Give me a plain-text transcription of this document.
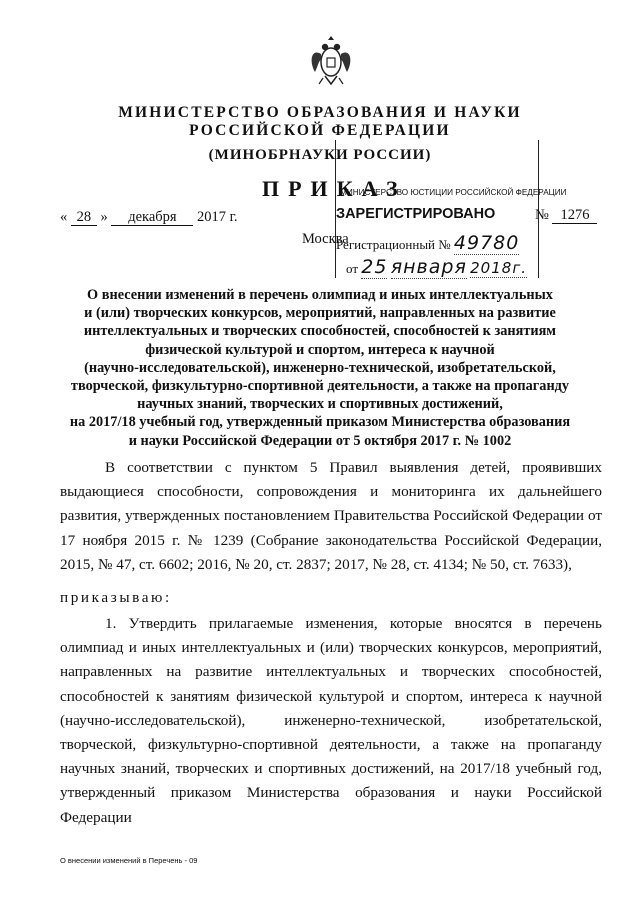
МИНИСТЕРСТВО ОБРАЗОВАНИЯ И НАУКИ
РОССИЙСКОЙ ФЕДЕРАЦИИ
(МИНОБРНАУКИ РОССИИ)
ПРИКАЗ
« 28 » декабря 2017 г.
Москва
МИНИСТЕРСТВО ЮСТИЦИИ РОССИЙСКОЙ ФЕДЕРАЦИИ
ЗАРЕГИСТРИРОВАНО
Регистрационный № 49780
от 25 января 2018г.
№ 1276
О внесении изменений в перечень олимпиад и иных интеллектуальных
и (или) творческих конкурсов, мероприятий, направленных на развитие
интеллектуальных и творческих способностей, способностей к занятиям
физической культурой и спортом, интереса к научной
(научно-исследовательской), инженерно-технической, изобретательской,
творческой, физкультурно-спортивной деятельности, а также на пропаганду
научных знаний, творческих и спортивных достижений,
на 2017/18 учебный год, утвержденный приказом Министерства образования
и науки Российской Федерации от 5 октября 2017 г. № 1002

В соответствии с пунктом 5 Правил выявления детей, проявивших выдающиеся способности, сопровождения и мониторинга их дальнейшего развития, утвержденных постановлением Правительства Российской Федерации от 17 ноября 2015 г. № 1239 (Собрание законодательства Российской Федерации, 2015, № 47, ст. 6602; 2016, № 20, ст. 2837; 2017, № 28, ст. 4134; № 50, ст. 7633),

приказываю:

1. Утвердить прилагаемые изменения, которые вносятся в перечень олимпиад и иных интеллектуальных и (или) творческих конкурсов, мероприятий, направленных на развитие интеллектуальных и творческих способностей, способностей к занятиям физической культурой и спортом, интереса к научной (научно-исследовательской), инженерно-технической, изобретательской, творческой, физкультурно-спортивной деятельности, а также на пропаганду научных знаний, творческих и спортивных достижений, на 2017/18 учебный год, утвержденный приказом Министерства образования и науки Российской Федерации

О внесении изменений в Перечень - 09
